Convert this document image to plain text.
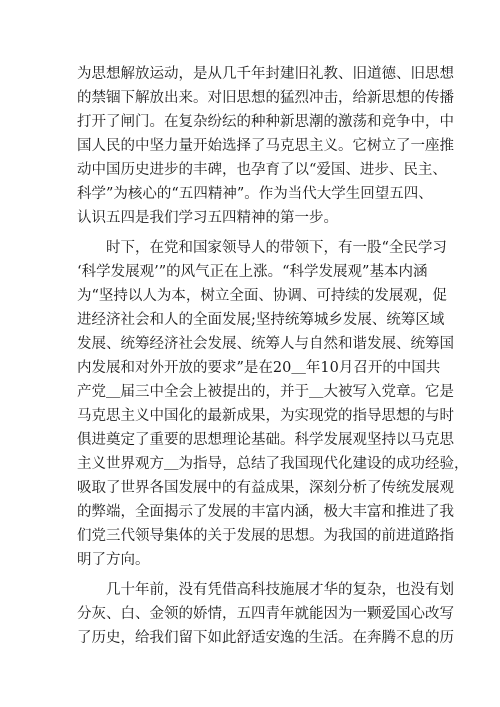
为思想解放运动，是从几千年封建旧礼教、旧道德、旧思想
的禁锢下解放出来。对旧思想的猛烈冲击，给新思想的传播
打开了闸门。在复杂纷纭的种种新思潮的激荡和竞争中，中
国人民的中坚力量开始选择了马克思主义。它树立了一座推
动中国历史进步的丰碑，也孕育了以“爱国、进步、民主、
科学”为核心的“五四精神”。作为当代大学生回望五四、
认识五四是我们学习五四精神的第一步。
　　时下，在党和国家领导人的带领下，有一股“全民学习
‘科学发展观’”的风气正在上涨。“科学发展观”基本内涵
为“坚持以人为本，树立全面、协调、可持续的发展观，促
进经济社会和人的全面发展;坚持统筹城乡发展、统筹区域
发展、统筹经济社会发展、统筹人与自然和谐发展、统筹国
内发展和对外开放的要求”是在20＿年10月召开的中国共
产党＿届三中全会上被提出的，并于＿大被写入党章。它是
马克思主义中国化的最新成果，为实现党的指导思想的与时
俱进奠定了重要的思想理论基础。科学发展观坚持以马克思
主义世界观方＿为指导，总结了我国现代化建设的成功经验，
吸取了世界各国发展中的有益成果，深刻分析了传统发展观
的弊端，全面揭示了发展的丰富内涵，极大丰富和推进了我
们党三代领导集体的关于发展的思想。为我国的前进道路指
明了方向。
　　几十年前，没有凭借高科技施展才华的复杂，也没有划
分灰、白、金领的娇情，五四青年就能因为一颗爱国心改写
了历史，给我们留下如此舒适安逸的生活。在奔腾不息的历
